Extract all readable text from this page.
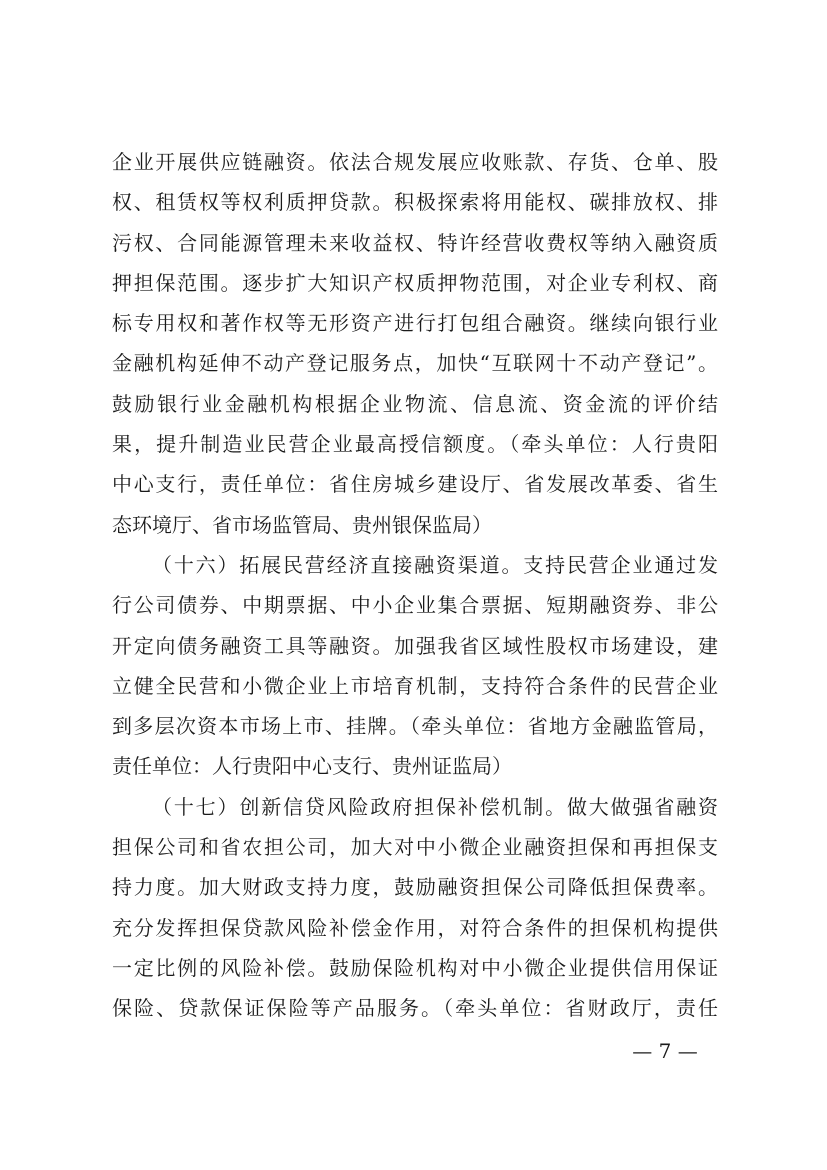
企业开展供应链融资。依法合规发展应收账款、存货、仓单、股
权、租赁权等权利质押贷款。积极探索将用能权、碳排放权、排
污权、合同能源管理未来收益权、特许经营收费权等纳入融资质
押担保范围。逐步扩大知识产权质押物范围，对企业专利权、商
标专用权和著作权等无形资产进行打包组合融资。继续向银行业
金融机构延伸不动产登记服务点，加快“互联网十不动产登记”。
鼓励银行业金融机构根据企业物流、信息流、资金流的评价结
果，提升制造业民营企业最高授信额度。（牵头单位：人行贵阳
中心支行，责任单位：省住房城乡建设厅、省发展改革委、省生
态环境厅、省市场监管局、贵州银保监局）
（十六）拓展民营经济直接融资渠道。支持民营企业通过发
行公司债券、中期票据、中小企业集合票据、短期融资券、非公
开定向债务融资工具等融资。加强我省区域性股权市场建设，建
立健全民营和小微企业上市培育机制，支持符合条件的民营企业
到多层次资本市场上市、挂牌。（牵头单位：省地方金融监管局，
责任单位：人行贵阳中心支行、贵州证监局）
（十七）创新信贷风险政府担保补偿机制。做大做强省融资
担保公司和省农担公司，加大对中小微企业融资担保和再担保支
持力度。加大财政支持力度，鼓励融资担保公司降低担保费率。
充分发挥担保贷款风险补偿金作用，对符合条件的担保机构提供
一定比例的风险补偿。鼓励保险机构对中小微企业提供信用保证
保险、贷款保证保险等产品服务。（牵头单位：省财政厅，责任
— 7 —
